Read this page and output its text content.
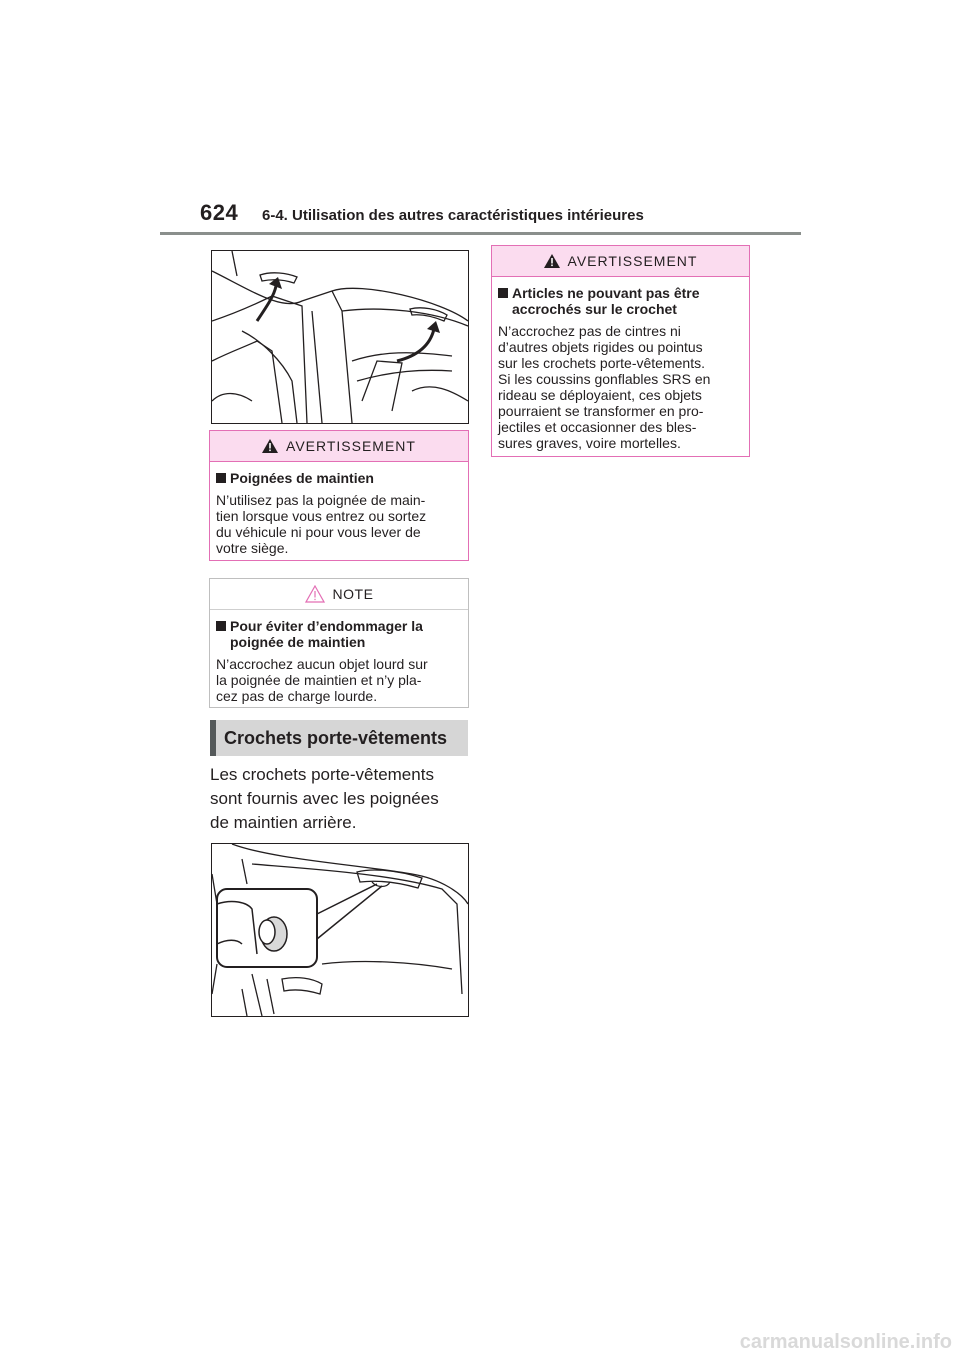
624 6-4. Utilisation des autres caractéristiques intérieures
AVERTISSEMENT
Poignées de maintien
N’utilisez pas la poignée de main-
tien lorsque vous entrez ou sortez
du véhicule ni pour vous lever de
votre siège.
NOTE
Pour éviter d’endommager la poignée de maintien
N’accrochez aucun objet lourd sur
la poignée de maintien et n’y pla-
cez pas de charge lourde.
Crochets porte-vêtements
Les crochets porte-vêtements
sont fournis avec les poignées
de maintien arrière.
AVERTISSEMENT
Articles ne pouvant pas être accrochés sur le crochet
N’accrochez pas de cintres ni
d’autres objets rigides ou pointus
sur les crochets porte-vêtements.
Si les coussins gonflables SRS en
rideau se déployaient, ces objets
pourraient se transformer en pro-
jectiles et occasionner des bles-
sures graves, voire mortelles.
carmanualsonline.info
